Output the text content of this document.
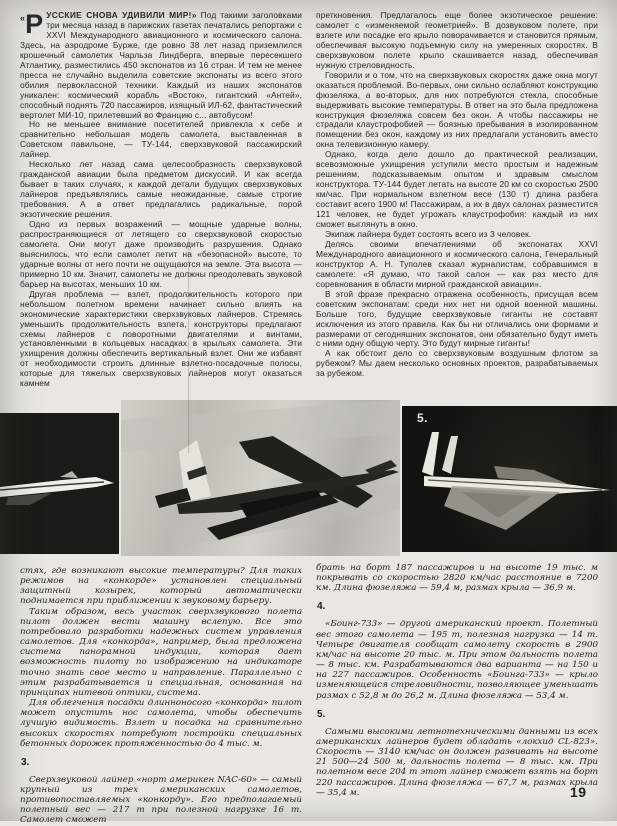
«Р УССКИЕ СНОВА УДИВИЛИ МИР!» Под такими заголовками три месяца назад в парижских газетах печатались репортажи с XXVI Международного авиационного и космического салона. Здесь, на аэродроме Бурже, где ровно 38 лет назад приземлился крошечный самолетик Чарльза Линдберга, впервые пересекшего Атлантику, разместились 450 экспонатов из 16 стран. И тем не менее пресса не случайно выделила советские экспонаты из всего этого обилия первоклассной техники. Каждый из наших экспонатов уникален: космический корабль «Восток», гигантский «Антей», способный поднять 720 пассажиров, изящный ИЛ-62, фантастический вертолет МИ-10, прилетевший во Францию с... автобусом!

Но не меньшее внимание посетителей привлекла к себе и сравнительно небольшая модель самолета, выставленная в Советском павильоне, — ТУ-144, сверхзвуковой пассажирский лайнер.

Несколько лет назад сама целесообразность сверхзвуковой гражданской авиации была предметом дискуссий. И как всегда бывает в таких случаях, к каждой детали будущих сверхзвуковых лайнеров предъявлялись самые неожиданные, самые строгие требования. А в ответ предлагались радикальные, порой экзотические решения.

Одно из первых возражений — мощные ударные волны, распространяющиеся от летящего со сверхзвуковой скоростью самолета. Они могут даже производить разрушения. Однако выяснилось, что если самолет летит на «безопасной» высоте, то ударные волны от него почти не ощущаются на земле. Эта высота — примерно 10 км. Значит, самолеты не должны преодолевать звуковой барьер на высотах, меньших 10 км.

Другая проблема — взлет, продолжительность которого при небольшом полетном времени начинает сильно влиять на экономические характеристики сверхзвуковых лайнеров. Стремясь уменьшить продолжительность взлета, конструкторы предлагают схемы лайнеров с поворотными двигателями и винтами, установленными в кольцевых насадках в крыльях самолета. Эти ухищрения должны обеспечить вертикальный взлет. Они же избавят от необходимости строить длинные взлетно-посадочные полосы, которые для тяжелых сверхзвуковых лайнеров могут оказаться камнем

преткновения. Предлагалось еще более экзотическое решение: самолет с «изменяемой геометрией». В дозвуковом полете, при взлете или посадке его крыло поворачивается и становится прямым, обеспечивая высокую подъемную силу на умеренных скоростях. В сверхзвуковом полете крыло скашивается назад, обеспечивая нужную стреловидность.

Говорили и о том, что на сверхзвуковых скоростях даже окна могут оказаться проблемой. Во-первых, они сильно ослабляют конструкцию фюзеляжа, а во-вторых, для них потребуются стекла, способные выдерживать высокие температуры. В ответ на это была предложена конструкция фюзеляжа совсем без окон. А чтобы пассажиры не страдали клаустрофобией — боязнью пребывания в изолированном помещении без окон, каждому из них предлагали установить вместо окна телевизионную камеру.

Однако, когда дело дошло до практической реализации, всевозможные ухищрения уступили место простым и надежным решениям, подсказываемым опытом и здравым смыслом конструктора. ТУ-144 будет летать на высоте 20 км со скоростью 2500 км/час. При нормальном взлетном весе (130 т) длина разбега составит всего 1900 м! Пассажирам, а их в двух салонах разместится 121 человек, не будет угрожать клаустрофобия: каждый из них сможет выглянуть в окно.

Экипаж лайнера будет состоять всего из 3 человек.

Делясь своими впечатлениями об экспонатах XXVI Международного авиационного и космического салона, Генеральный конструктор А. Н. Туполев сказал журналистам, собравшимся в самолете: «Я думаю, что такой салон — как раз место для соревнования в области мирной гражданской авиации».

В этой фразе прекрасно отражена особенность, присущая всем советским экспонатам: среди них нет ни одной военной машины. Больше того, будущие сверхзвуковые гиганты не составят исключения из этого правила. Как бы ни отличались они формами и размерами от сегодняшних экспонатов, они обязательно будут иметь с ними одну общую черту. Это будут мирные гиганты!

А как обстоит дело со сверхзвуковым воздушным флотом за рубежом? Мы даем несколько основных проектов, разрабатываемых за рубежом.

5.

стях, где возникают высокие температуры? Для таких режимов на «конкорде» установлен специальный защитный козырек, который автоматически поднимается при приближении к звуковому барьеру.

Таким образом, весь участок сверхзвукового полета пилот должен вести машину вслепую. Все это потребовало разработки надежных систем управления самолетов. Для «конкорда», например, была предложена система панорамной индукции, которая дает возможность пилоту по изображению на индикаторе точно знать свое место и направление. Параллельно с этим разрабатывается и специальная, основанная на принципах нитевой оптики, система.

Для облегчения посадки длинноносого «конкорда» пилот может опустить нос самолета, чтобы обеспечить лучшую видимость. Взлет и посадка на сравнительно высоких скоростях потребуют постройки специальных бетонных дорожек протяженностью до 4 тыс. м.

3.

Сверхзвуковой лайнер «норт америкен NAC-60» — самый крупный из трех американских самолетов, противопоставляемых «конкорду». Его предполагаемый полетный вес — 217 т при полезной нагрузке 16 т. Самолет сможет

брать на борт 187 пассажиров и на высоте 19 тыс. м покрывать со скоростью 2820 км/час расстояние в 7200 км. Длина фюзеляжа — 59,4 м, размах крыла — 36,9 м.

4.

«Боинг-733» — другой американский проект. Полетный вес этого самолета — 195 т, полезная нагрузка — 14 т. Четыре двигателя сообщат самолету скорость в 2900 км/час на высоте 20 тыс. м. При этом дальность полета — 8 тыс. км. Разрабатываются два варианта — на 150 и на 227 пассажиров. Особенность «Боинга-733» — крыло изменяющейся стреловидности, позволяющее уменьшать размах с 52,8 м до 26,2 м. Длина фюзеляжа — 53,4 м.

5.

Самыми высокими летнотехническими данными из всех американских лайнеров будет обладать «локхид CL-823». Скорость — 3140 км/час он должен развивать на высоте 21 500—24 500 м, дальность полета — 8 тыс. км. При полетном весе 204 т этот лайнер сможет взять на борт 220 пассажиров. Длина фюзеляжа — 67,7 м, размах крыла — 35,4 м.	19
